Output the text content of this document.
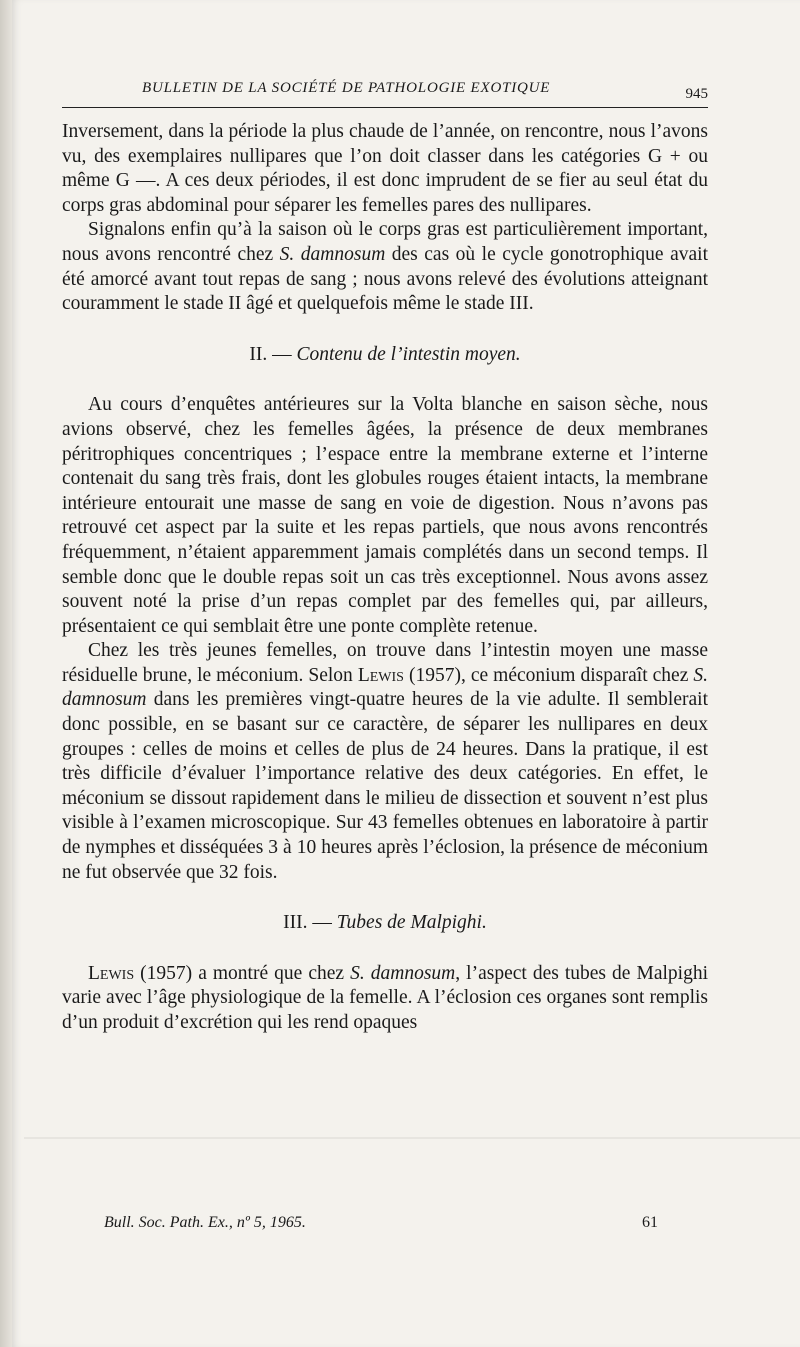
BULLETIN DE LA SOCIÉTÉ DE PATHOLOGIE EXOTIQUE	945

Inversement, dans la période la plus chaude de l’année, on rencontre, nous l’avons vu, des exemplaires nullipares que l’on doit classer dans les catégories G + ou même G —. A ces deux périodes, il est donc imprudent de se fier au seul état du corps gras abdominal pour séparer les femelles pares des nullipares.

Signalons enfin qu’à la saison où le corps gras est particulièrement important, nous avons rencontré chez S. damnosum des cas où le cycle gonotrophique avait été amorcé avant tout repas de sang ; nous avons relevé des évolutions atteignant couramment le stade II âgé et quelquefois même le stade III.

II. — Contenu de l’intestin moyen.

Au cours d’enquêtes antérieures sur la Volta blanche en saison sèche, nous avions observé, chez les femelles âgées, la présence de deux membranes péritrophiques concentriques ; l’espace entre la membrane externe et l’interne contenait du sang très frais, dont les globules rouges étaient intacts, la membrane intérieure entourait une masse de sang en voie de digestion. Nous n’avons pas retrouvé cet aspect par la suite et les repas partiels, que nous avons rencontrés fréquemment, n’étaient apparemment jamais complétés dans un second temps. Il semble donc que le double repas soit un cas très exceptionnel. Nous avons assez souvent noté la prise d’un repas complet par des femelles qui, par ailleurs, présentaient ce qui semblait être une ponte complète retenue.

Chez les très jeunes femelles, on trouve dans l’intestin moyen une masse résiduelle brune, le méconium. Selon Lewis (1957), ce méconium disparaît chez S. damnosum dans les premières vingt-quatre heures de la vie adulte. Il semblerait donc possible, en se basant sur ce caractère, de séparer les nullipares en deux groupes : celles de moins et celles de plus de 24 heures. Dans la pratique, il est très difficile d’évaluer l’importance relative des deux catégories. En effet, le méconium se dissout rapidement dans le milieu de dissection et souvent n’est plus visible à l’examen microscopique. Sur 43 femelles obtenues en laboratoire à partir de nymphes et disséquées 3 à 10 heures après l’éclosion, la présence de méconium ne fut observée que 32 fois.

III. — Tubes de Malpighi.

Lewis (1957) a montré que chez S. damnosum, l’aspect des tubes de Malpighi varie avec l’âge physiologique de la femelle. A l’éclosion ces organes sont remplis d’un produit d’excrétion qui les rend opaques

Bull. Soc. Path. Ex., nº 5, 1965.	61
